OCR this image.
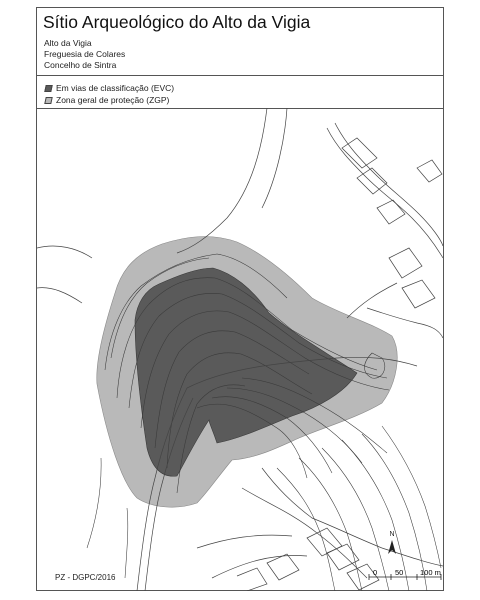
Sítio Arqueológico do Alto da Vigia
Alto da Vigia
Freguesia de Colares
Concelho de Sintra
Em vias de classificação (EVC)
Zona geral de proteção (ZGP)
N
PZ - DGPC/2016
0 50 100 m
